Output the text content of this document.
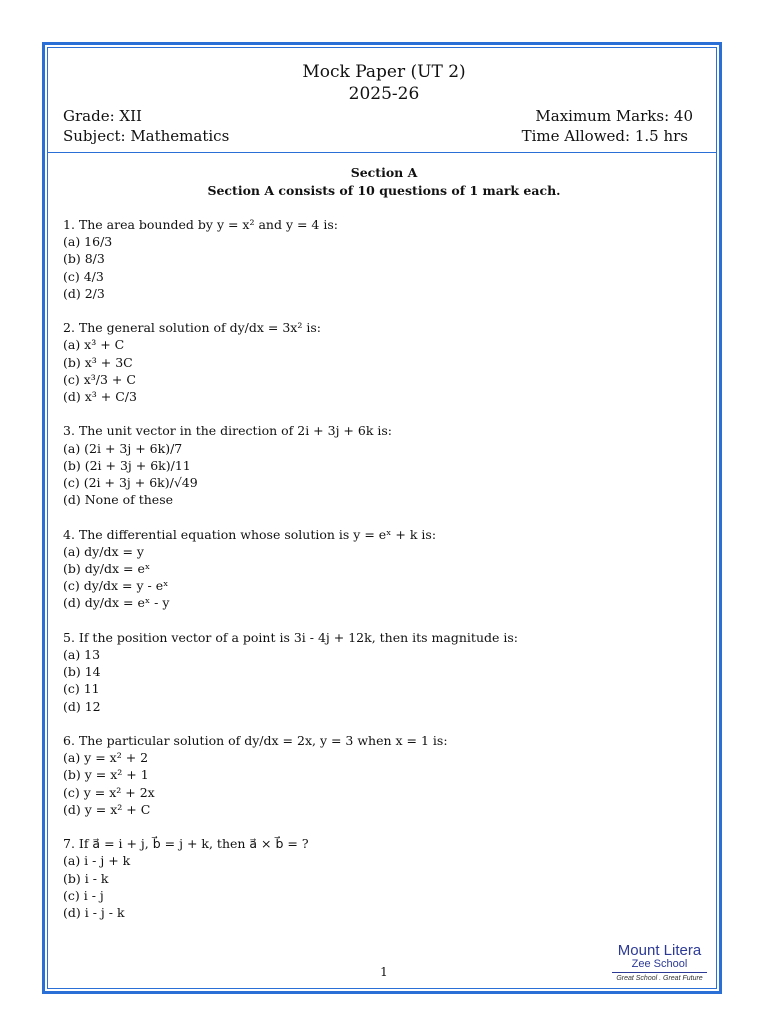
Mock Paper (UT 2)
2025-26
Grade: XII
Subject: Mathematics
Maximum Marks: 40
Time Allowed: 1.5 hrs
Section A
Section A consists of 10 questions of 1 mark each.
1. The area bounded by y = x² and y = 4 is:
(a) 16/3
(b) 8/3
(c) 4/3
(d) 2/3
2. The general solution of dy/dx = 3x² is:
(a) x³ + C
(b) x³ + 3C
(c) x³/3 + C
(d) x³ + C/3
3. The unit vector in the direction of 2i + 3j + 6k is:
(a) (2i + 3j + 6k)/7
(b) (2i + 3j + 6k)/11
(c) (2i + 3j + 6k)/√49
(d) None of these
4. The differential equation whose solution is y = eˣ + k is:
(a) dy/dx = y
(b) dy/dx = eˣ
(c) dy/dx = y - eˣ
(d) dy/dx = eˣ - y
5. If the position vector of a point is 3i - 4j + 12k, then its magnitude is:
(a) 13
(b) 14
(c) 11
(d) 12
6. The particular solution of dy/dx = 2x, y = 3 when x = 1 is:
(a) y = x² + 2
(b) y = x² + 1
(c) y = x² + 2x
(d) y = x² + C
7. If a⃗ = i + j, b⃗ = j + k, then a⃗ × b⃗ = ?
(a) i - j + k
(b) i - k
(c) i - j
(d) i - j - k
1
Mount Litera
Zee School
Great School . Great Future
